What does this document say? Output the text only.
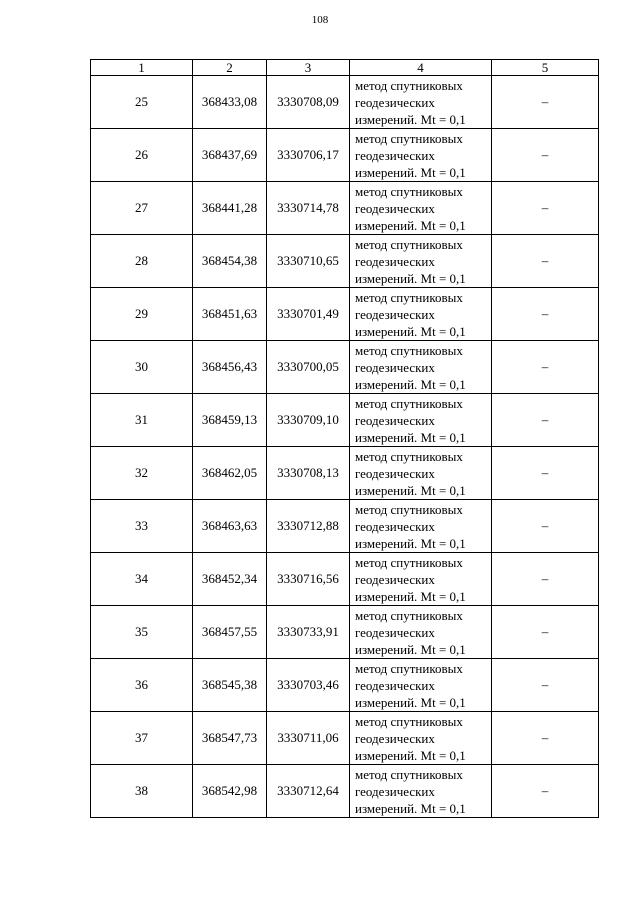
108
1	2	3	4	5
25	368433,08	3330708,09	метод спутниковых
геодезических
измерений. Mt = 0,1	–
26	368437,69	3330706,17	метод спутниковых
геодезических
измерений. Mt = 0,1	–
27	368441,28	3330714,78	метод спутниковых
геодезических
измерений. Mt = 0,1	–
28	368454,38	3330710,65	метод спутниковых
геодезических
измерений. Mt = 0,1	–
29	368451,63	3330701,49	метод спутниковых
геодезических
измерений. Mt = 0,1	–
30	368456,43	3330700,05	метод спутниковых
геодезических
измерений. Mt = 0,1	–
31	368459,13	3330709,10	метод спутниковых
геодезических
измерений. Mt = 0,1	–
32	368462,05	3330708,13	метод спутниковых
геодезических
измерений. Mt = 0,1	–
33	368463,63	3330712,88	метод спутниковых
геодезических
измерений. Mt = 0,1	–
34	368452,34	3330716,56	метод спутниковых
геодезических
измерений. Mt = 0,1	–
35	368457,55	3330733,91	метод спутниковых
геодезических
измерений. Mt = 0,1	–
36	368545,38	3330703,46	метод спутниковых
геодезических
измерений. Mt = 0,1	–
37	368547,73	3330711,06	метод спутниковых
геодезических
измерений. Mt = 0,1	–
38	368542,98	3330712,64	метод спутниковых
геодезических
измерений. Mt = 0,1	–
